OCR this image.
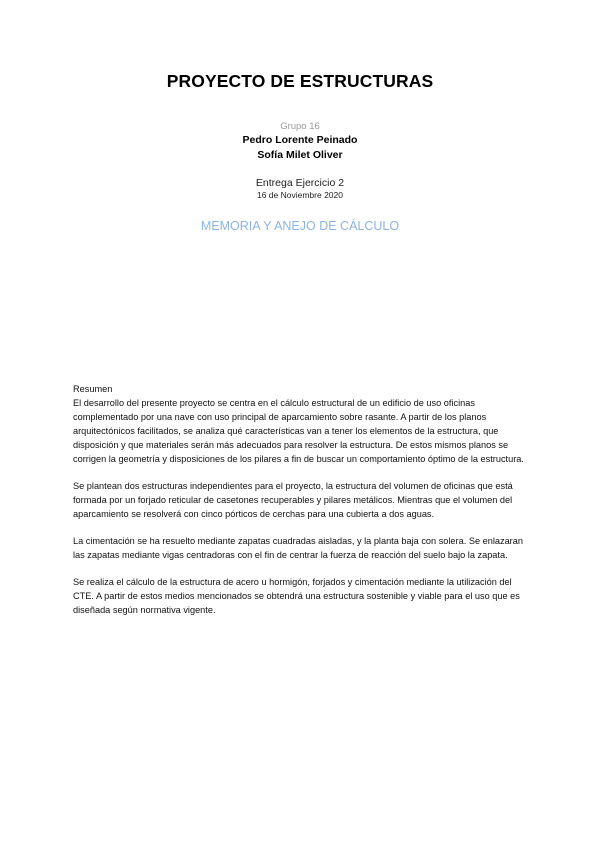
PROYECTO DE ESTRUCTURAS
Grupo 16
Pedro Lorente Peinado
Sofía Milet Oliver
Entrega Ejercicio 2
16 de Noviembre 2020
MEMORIA Y ANEJO DE CÁLCULO

Resumen
El desarrollo del presente proyecto se centra en el cálculo estructural de un edificio de uso oficinas complementado por una nave con uso principal de aparcamiento sobre rasante. A partir de los planos arquitectónicos facilitados, se analiza qué características van a tener los elementos de la estructura, que disposición y que materiales serán más adecuados para resolver la estructura. De estos mismos planos se corrigen la geometría y disposiciones de los pilares a fin de buscar un comportamiento óptimo de la estructura.

Se plantean dos estructuras independientes para el proyecto, la estructura del volumen de oficinas que está formada por un forjado reticular de casetones recuperables y pilares metálicos. Mientras que el volumen del aparcamiento se resolverá con cinco pórticos de cerchas para una cubierta a dos aguas.

La cimentación se ha resuelto mediante zapatas cuadradas aisladas, y la planta baja con solera. Se enlazaran las zapatas mediante vigas centradoras con el fin de centrar la fuerza de reacción del suelo bajo la zapata.

Se realiza el cálculo de la estructura de acero u hormigón, forjados y cimentación mediante la utilización del CTE. A partir de estos medios mencionados se obtendrá una estructura sostenible y viable para el uso que es diseñada según normativa vigente.
